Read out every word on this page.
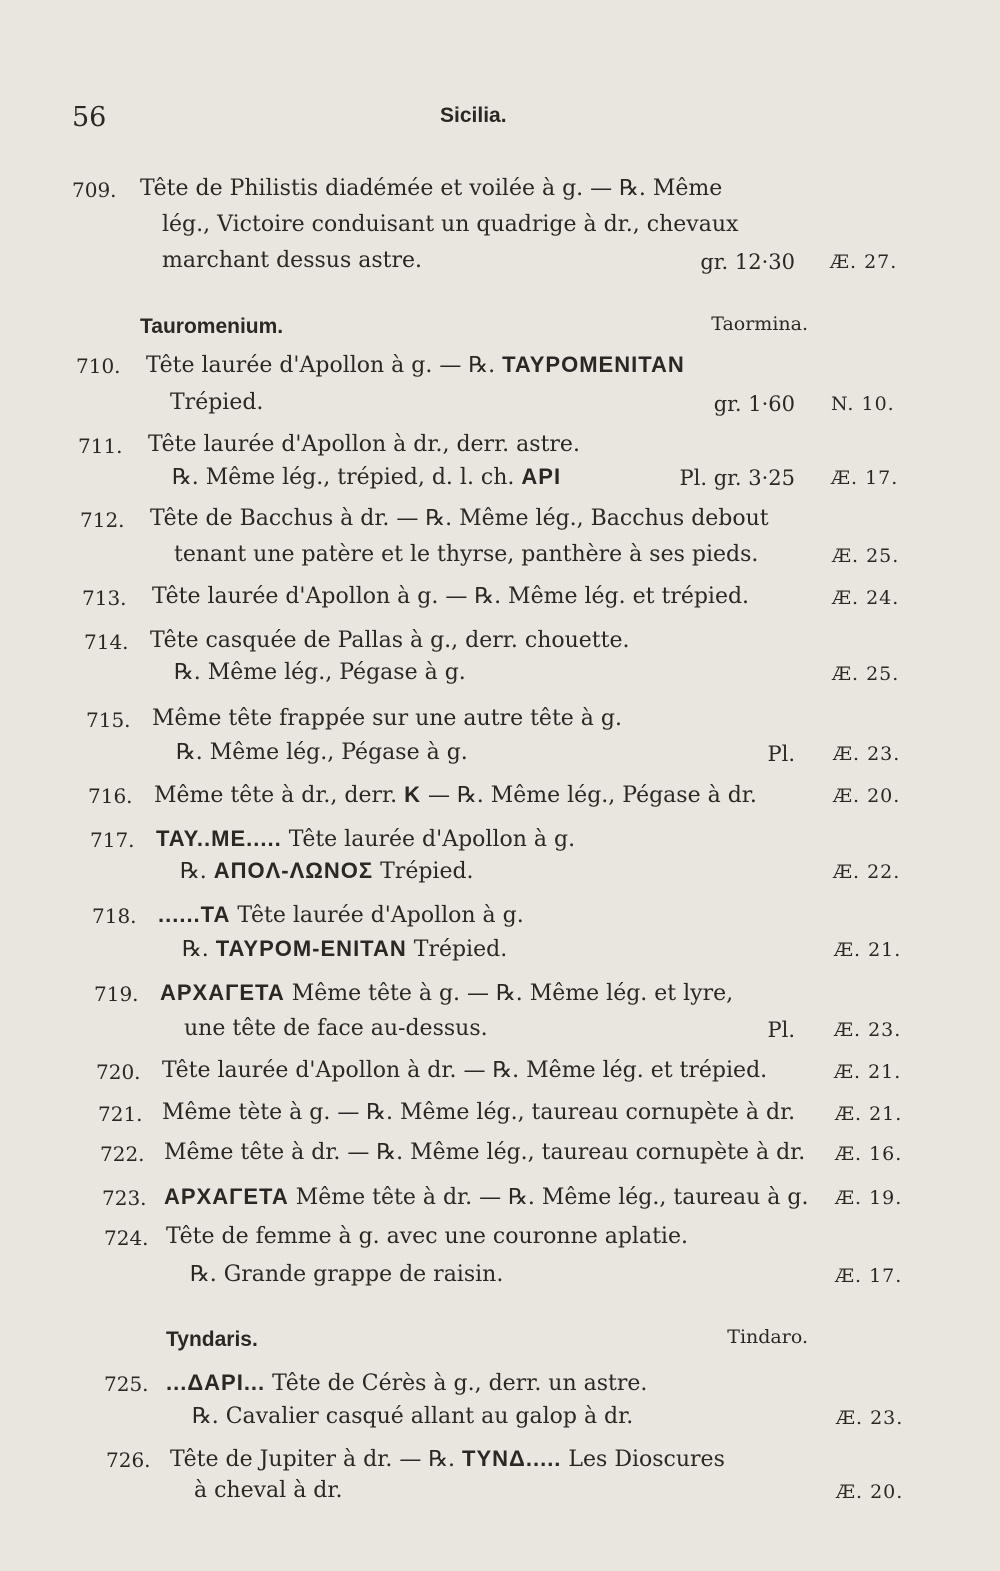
56	Sicilia.
709. Tête de Philistis diadémée et voilée à g. — ℞. Même
lég., Victoire conduisant un quadrige à dr., chevaux
marchant dessus astre.	gr. 12·30 Æ. 27.
Tauromenium.	Taormina.
710. Tête laurée d'Apollon à g. — ℞. TAYPOMENITAN
Trépied.	gr. 1·60 N. 10.
711. Tête laurée d'Apollon à dr., derr. astre.
℞. Même lég., trépied, d. l. ch. API	Pl. gr. 3·25 Æ. 17.
712. Tête de Bacchus à dr. — ℞. Même lég., Bacchus debout
tenant une patère et le thyrse, panthère à ses pieds.	Æ. 25.
713. Tête laurée d'Apollon à g. — ℞. Même lég. et trépied.	Æ. 24.
714. Tête casquée de Pallas à g., derr. chouette.
℞. Même lég., Pégase à g.	Æ. 25.
715. Même tête frappée sur une autre tête à g.
℞. Même lég., Pégase à g.	Pl. Æ. 23.
716. Même tête à dr., derr. K — ℞. Même lég., Pégase à dr.	Æ. 20.
717. TAY..ME..... Tête laurée d'Apollon à g.
℞. AΠOΛ-ΛΩNOΣ Trépied.	Æ. 22.
718. ......TA Tête laurée d'Apollon à g.
℞. TAYPOM-ENITAN Trépied.	Æ. 21.
719. APXAΓETA Même tête à g. — ℞. Même lég. et lyre,
une tête de face au-dessus.	Pl. Æ. 23.
720. Tête laurée d'Apollon à dr. — ℞. Même lég. et trépied.	Æ. 21.
721. Même tète à g. — ℞. Même lég., taureau cornupète à dr. Æ. 21.
722. Même tête à dr. — ℞. Même lég., taureau cornupète à dr. Æ. 16.
723. APXAΓETA Même tête à dr. — ℞. Même lég., taureau à g. Æ. 19.
724. Tête de femme à g. avec une couronne aplatie.
℞. Grande grappe de raisin.	Æ. 17.
Tyndaris.	Tindaro.
725. ...ΔAPI... Tête de Cérès à g., derr. un astre.
℞. Cavalier casqué allant au galop à dr.	Æ. 23.
726. Tête de Jupiter à dr. — ℞. TYNΔ..... Les Dioscures
à cheval à dr.	Æ. 20.
